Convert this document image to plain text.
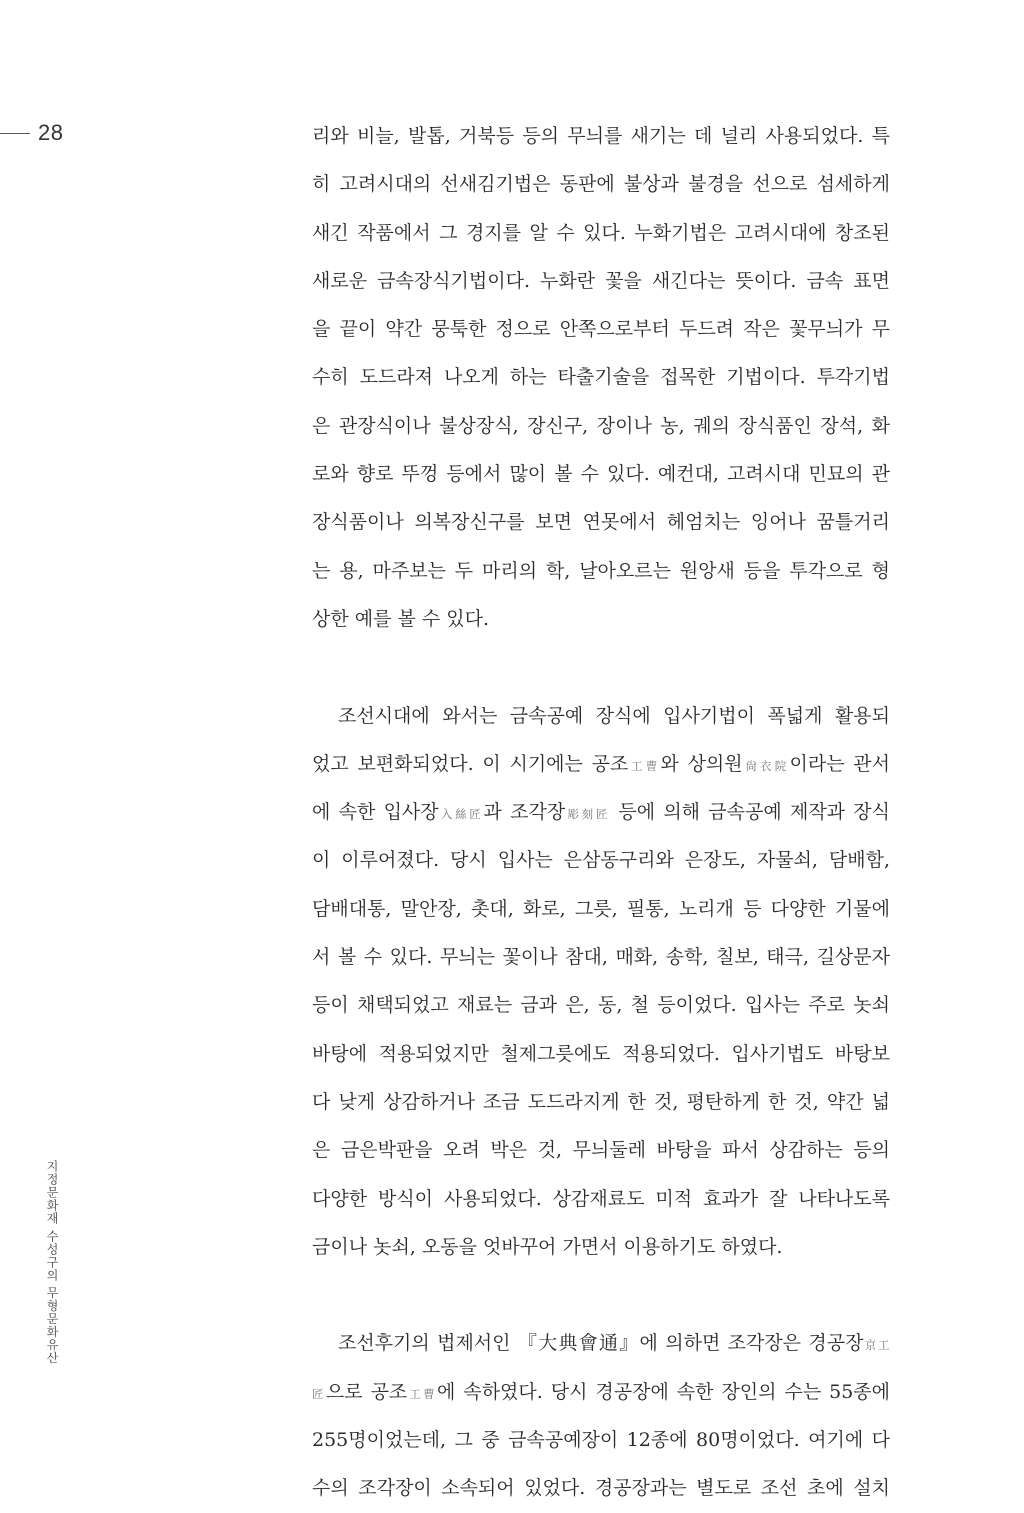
28
지정문화재 수성구의 무형문화유산
리와 비늘, 발톱, 거북등 등의 무늬를 새기는 데 널리 사용되었다. 특
히 고려시대의 선새김기법은 동판에 불상과 불경을 선으로 섬세하게
새긴 작품에서 그 경지를 알 수 있다. 누화기법은 고려시대에 창조된
새로운 금속장식기법이다. 누화란 꽃을 새긴다는 뜻이다. 금속 표면
을 끝이 약간 뭉툭한 정으로 안쪽으로부터 두드려 작은 꽃무늬가 무
수히 도드라져 나오게 하는 타출기술을 접목한 기법이다. 투각기법
은 관장식이나 불상장식, 장신구, 장이나 농, 궤의 장식품인 장석, 화
로와 향로 뚜껑 등에서 많이 볼 수 있다. 예컨대, 고려시대 민묘의 관
장식품이나 의복장신구를 보면 연못에서 헤엄치는 잉어나 꿈틀거리
는 용, 마주보는 두 마리의 학, 날아오르는 원앙새 등을 투각으로 형
상한 예를 볼 수 있다.
조선시대에 와서는 금속공예 장식에 입사기법이 폭넓게 활용되
었고 보편화되었다. 이 시기에는 공조工曹와 상의원尙衣院이라는 관서
에 속한 입사장入絲匠과 조각장彫刻匠 등에 의해 금속공예 제작과 장식
이 이루어졌다. 당시 입사는 은삼동구리와 은장도, 자물쇠, 담배함,
담배대통, 말안장, 촛대, 화로, 그릇, 필통, 노리개 등 다양한 기물에
서 볼 수 있다. 무늬는 꽃이나 참대, 매화, 송학, 칠보, 태극, 길상문자
등이 채택되었고 재료는 금과 은, 동, 철 등이었다. 입사는 주로 놋쇠
바탕에 적용되었지만 철제그릇에도 적용되었다. 입사기법도 바탕보
다 낮게 상감하거나 조금 도드라지게 한 것, 평탄하게 한 것, 약간 넓
은 금은박판을 오려 박은 것, 무늬둘레 바탕을 파서 상감하는 등의
다양한 방식이 사용되었다. 상감재료도 미적 효과가 잘 나타나도록
금이나 놋쇠, 오동을 엇바꾸어 가면서 이용하기도 하였다.
조선후기의 법제서인 『大典會通』에 의하면 조각장은 경공장京工
匠으로 공조工曹에 속하였다. 당시 경공장에 속한 장인의 수는 55종에
255명이었는데, 그 중 금속공예장이 12종에 80명이었다. 여기에 다
수의 조각장이 소속되어 있었다. 경공장과는 별도로 조선 초에 설치
